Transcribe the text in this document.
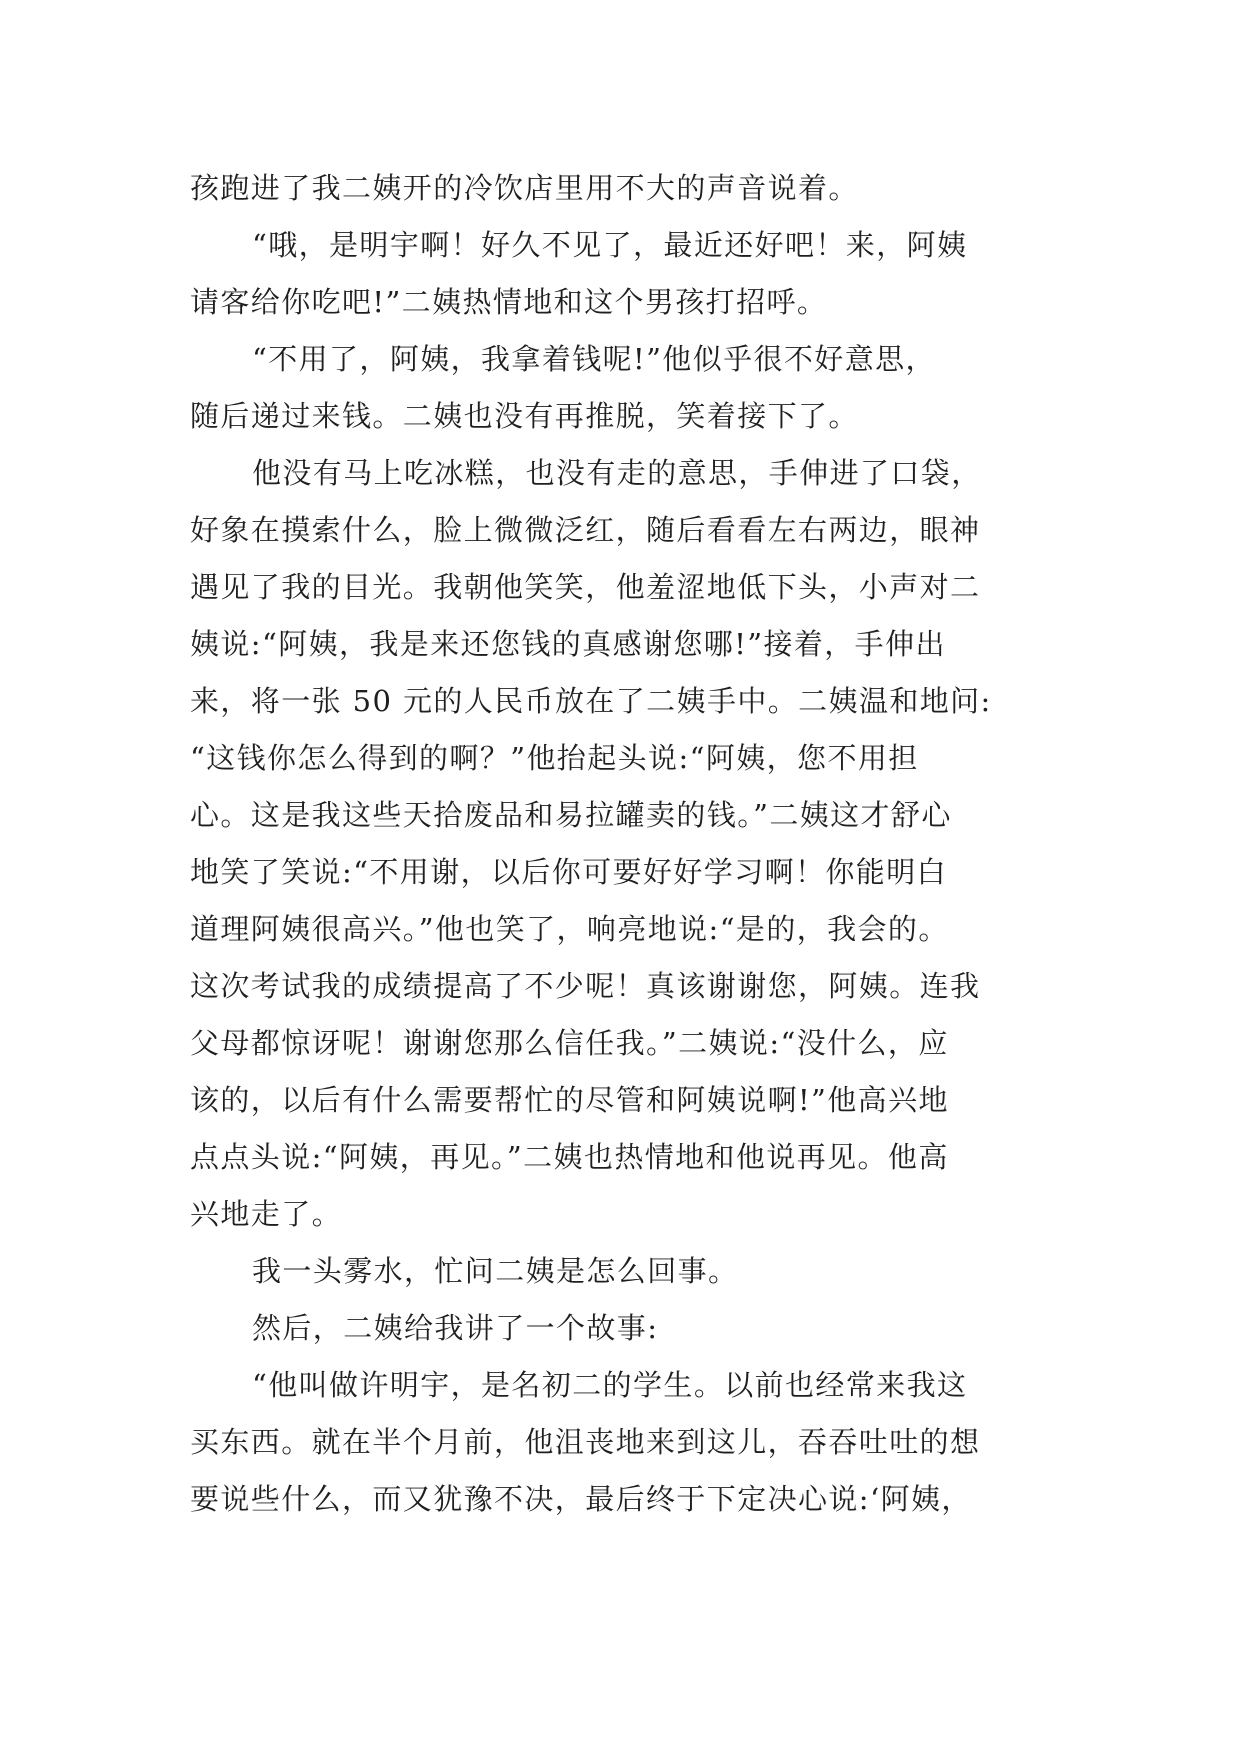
孩跑进了我二姨开的冷饮店里用不大的声音说着。
“哦，是明宇啊！好久不见了，最近还好吧！来，阿姨
请客给你吃吧!”二姨热情地和这个男孩打招呼。
“不用了，阿姨，我拿着钱呢!”他似乎很不好意思，
随后递过来钱。二姨也没有再推脱，笑着接下了。
他没有马上吃冰糕，也没有走的意思，手伸进了口袋，
好象在摸索什么，脸上微微泛红，随后看看左右两边，眼神
遇见了我的目光。我朝他笑笑，他羞涩地低下头，小声对二
姨说:“阿姨，我是来还您钱的真感谢您哪!”接着，手伸出
来，将一张 50 元的人民币放在了二姨手中。二姨温和地问:
“这钱你怎么得到的啊？”他抬起头说:“阿姨，您不用担
心。这是我这些天拾废品和易拉罐卖的钱。”二姨这才舒心
地笑了笑说:“不用谢，以后你可要好好学习啊！你能明白
道理阿姨很高兴。”他也笑了，响亮地说:“是的，我会的。
这次考试我的成绩提高了不少呢！真该谢谢您，阿姨。连我
父母都惊讶呢！谢谢您那么信任我。”二姨说:“没什么，应
该的，以后有什么需要帮忙的尽管和阿姨说啊!”他高兴地
点点头说:“阿姨，再见。”二姨也热情地和他说再见。他高
兴地走了。
我一头雾水，忙问二姨是怎么回事。
然后，二姨给我讲了一个故事:
“他叫做许明宇，是名初二的学生。以前也经常来我这
买东西。就在半个月前，他沮丧地来到这儿，吞吞吐吐的想
要说些什么，而又犹豫不决，最后终于下定决心说:‘阿姨，
